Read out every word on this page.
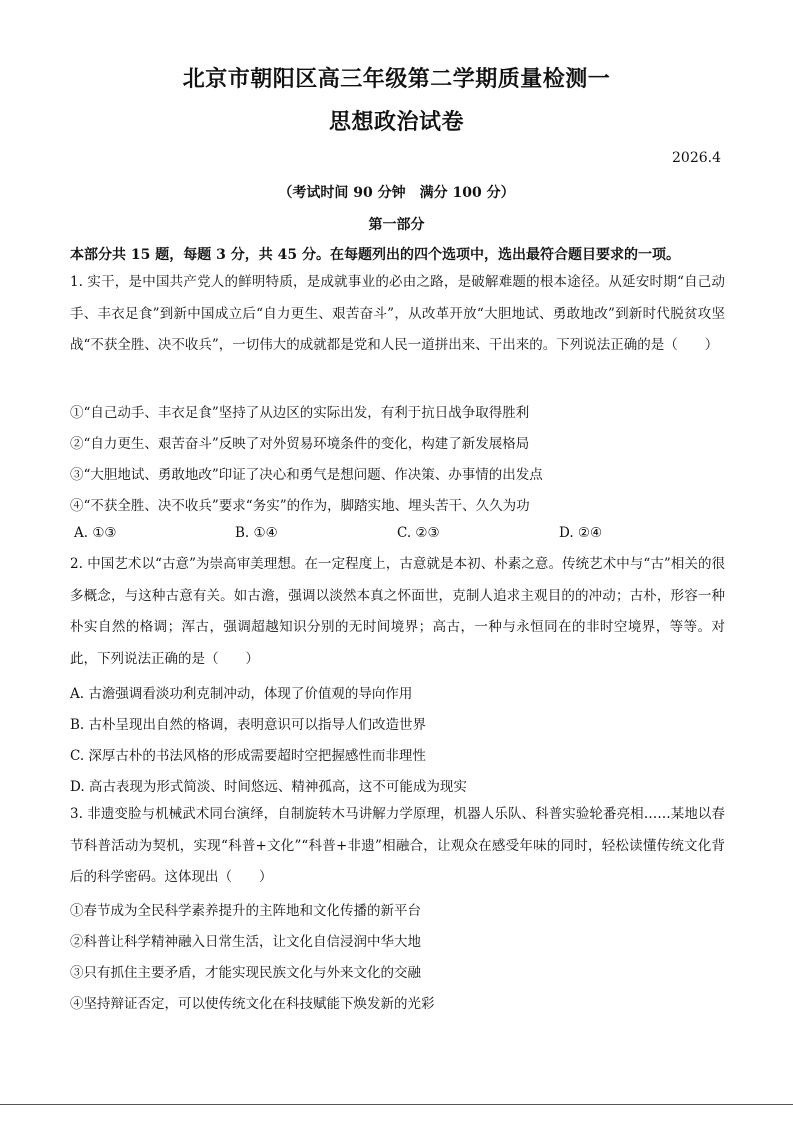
北京市朝阳区高三年级第二学期质量检测一
思想政治试卷
2026.4
（考试时间 90 分钟　满分 100 分）
第一部分
本部分共 15 题，每题 3 分，共 45 分。在每题列出的四个选项中，选出最符合题目要求的一项。
1. 实干，是中国共产党人的鲜明特质，是成就事业的必由之路，是破解难题的根本途径。从延安时期“自己动手、丰衣足食”到新中国成立后“自力更生、艰苦奋斗”，从改革开放“大胆地试、勇敢地改”到新时代脱贫攻坚战“不获全胜、决不收兵”，一切伟大的成就都是党和人民一道拼出来、干出来的。下列说法正确的是（　　）
①“自己动手、丰衣足食”坚持了从边区的实际出发，有利于抗日战争取得胜利
②“自力更生、艰苦奋斗”反映了对外贸易环境条件的变化，构建了新发展格局
③“大胆地试、勇敢地改”印证了决心和勇气是想问题、作决策、办事情的出发点
④“不获全胜、决不收兵”要求“务实”的作为，脚踏实地、埋头苦干、久久为功
A. ①③	B. ①④	C. ②③	D. ②④
2. 中国艺术以“古意”为崇高审美理想。在一定程度上，古意就是本初、朴素之意。传统艺术中与“古”相关的很多概念，与这种古意有关。如古澹，强调以淡然本真之怀面世，克制人追求主观目的的冲动；古朴，形容一种朴实自然的格调；浑古，强调超越知识分别的无时间境界；高古，一种与永恒同在的非时空境界，等等。对此，下列说法正确的是（　　）
A. 古澹强调看淡功利克制冲动，体现了价值观的导向作用
B. 古朴呈现出自然的格调，表明意识可以指导人们改造世界
C. 深厚古朴的书法风格的形成需要超时空把握感性而非理性
D. 高古表现为形式简淡、时间悠远、精神孤高，这不可能成为现实
3. 非遗变脸与机械武术同台演绎，自制旋转木马讲解力学原理，机器人乐队、科普实验轮番亮相……某地以春节科普活动为契机，实现“科普+文化”“科普+非遗”相融合，让观众在感受年味的同时，轻松读懂传统文化背后的科学密码。这体现出（　　）
①春节成为全民科学素养提升的主阵地和文化传播的新平台
②科普让科学精神融入日常生活，让文化自信浸润中华大地
③只有抓住主要矛盾，才能实现民族文化与外来文化的交融
④坚持辩证否定，可以使传统文化在科技赋能下焕发新的光彩
